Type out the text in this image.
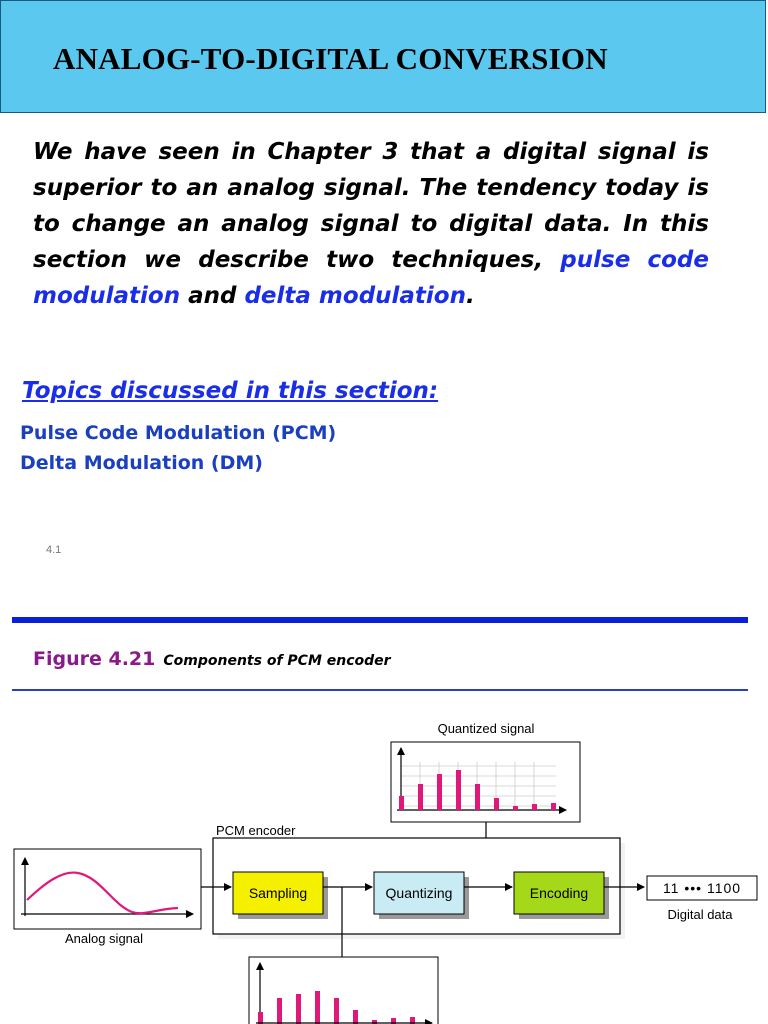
ANALOG-TO-DIGITAL CONVERSION

We have seen in Chapter 3 that a digital signal is superior to an analog signal. The tendency today is to change an analog signal to digital data. In this section we describe two techniques, pulse code modulation and delta modulation.

Topics discussed in this section:
Pulse Code Modulation (PCM)
Delta Modulation (DM)
4.1
Figure 4.21 Components of PCM encoder
Quantized signal
PCM encoder
Sampling	Quantizing	Encoding	11 ••• 1100
Digital data
Analog signal
